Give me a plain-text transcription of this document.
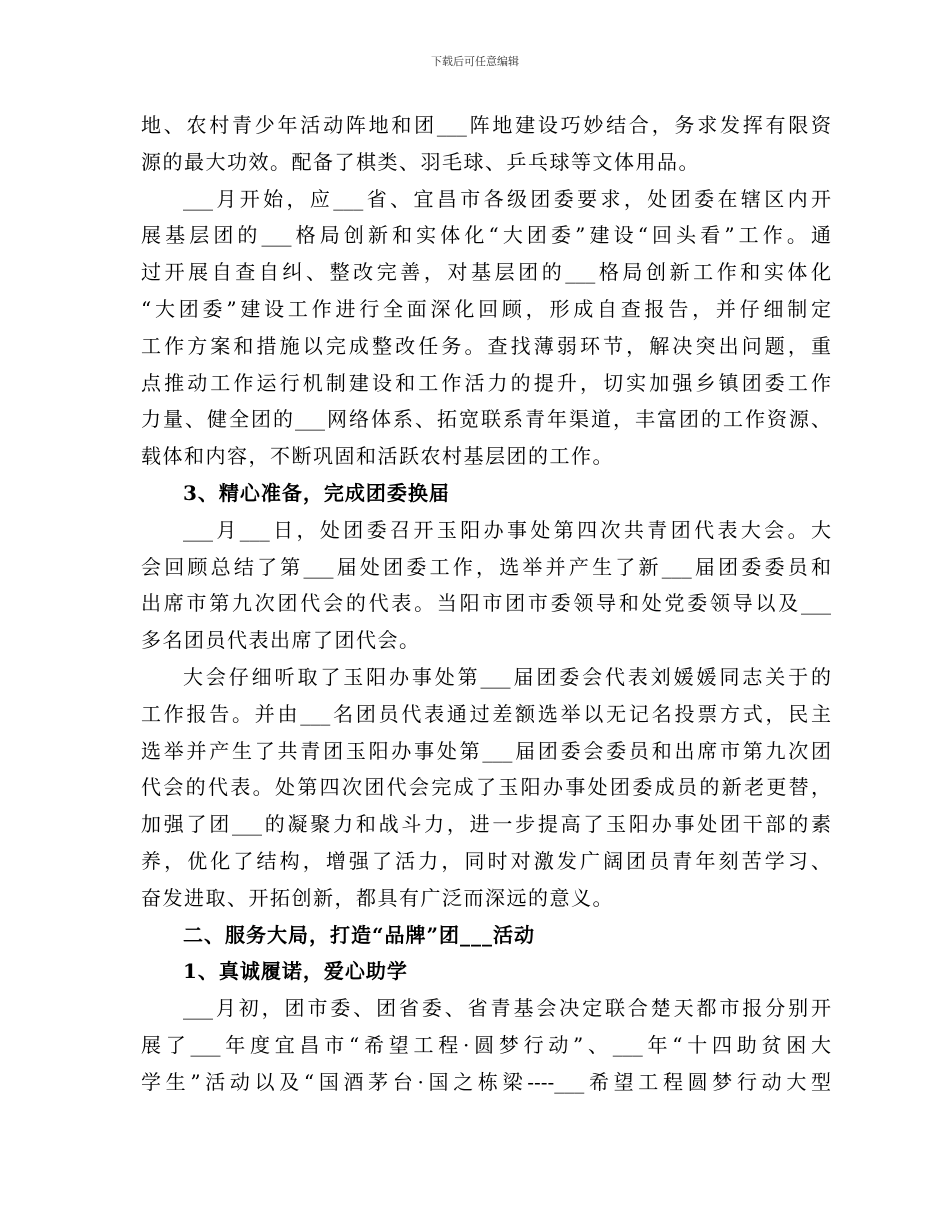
下载后可任意编辑
地、农村青少年活动阵地和团___阵地建设巧妙结合，务求发挥有限资
源的最大功效。配备了棋类、羽毛球、乒乓球等文体用品。
___月开始，应___省、宜昌市各级团委要求，处团委在辖区内开
展基层团的___格局创新和实体化“大团委”建设“回头看”工作。通
过开展自查自纠、整改完善，对基层团的___格局创新工作和实体化
“大团委”建设工作进行全面深化回顾，形成自查报告，并仔细制定
工作方案和措施以完成整改任务。查找薄弱环节，解决突出问题，重
点推动工作运行机制建设和工作活力的提升，切实加强乡镇团委工作
力量、健全团的___网络体系、拓宽联系青年渠道，丰富团的工作资源、
载体和内容，不断巩固和活跃农村基层团的工作。
3、精心准备，完成团委换届
___月___日，处团委召开玉阳办事处第四次共青团代表大会。大
会回顾总结了第___届处团委工作，选举并产生了新___届团委委员和
出席市第九次团代会的代表。当阳市团市委领导和处党委领导以及___
多名团员代表出席了团代会。
大会仔细听取了玉阳办事处第___届团委会代表刘媛媛同志关于的
工作报告。并由___名团员代表通过差额选举以无记名投票方式，民主
选举并产生了共青团玉阳办事处第___届团委会委员和出席市第九次团
代会的代表。处第四次团代会完成了玉阳办事处团委成员的新老更替，
加强了团___的凝聚力和战斗力，进一步提高了玉阳办事处团干部的素
养，优化了结构，增强了活力，同时对激发广阔团员青年刻苦学习、
奋发进取、开拓创新，都具有广泛而深远的意义。
二、服务大局，打造“品牌”团___活动
1、真诚履诺，爱心助学
___月初，团市委、团省委、省青基会决定联合楚天都市报分别开
展了___年度宜昌市“希望工程·圆梦行动”、___年“十四助贫困大
学生”活动以及“国酒茅台·国之栋梁----___希望工程圆梦行动大型
